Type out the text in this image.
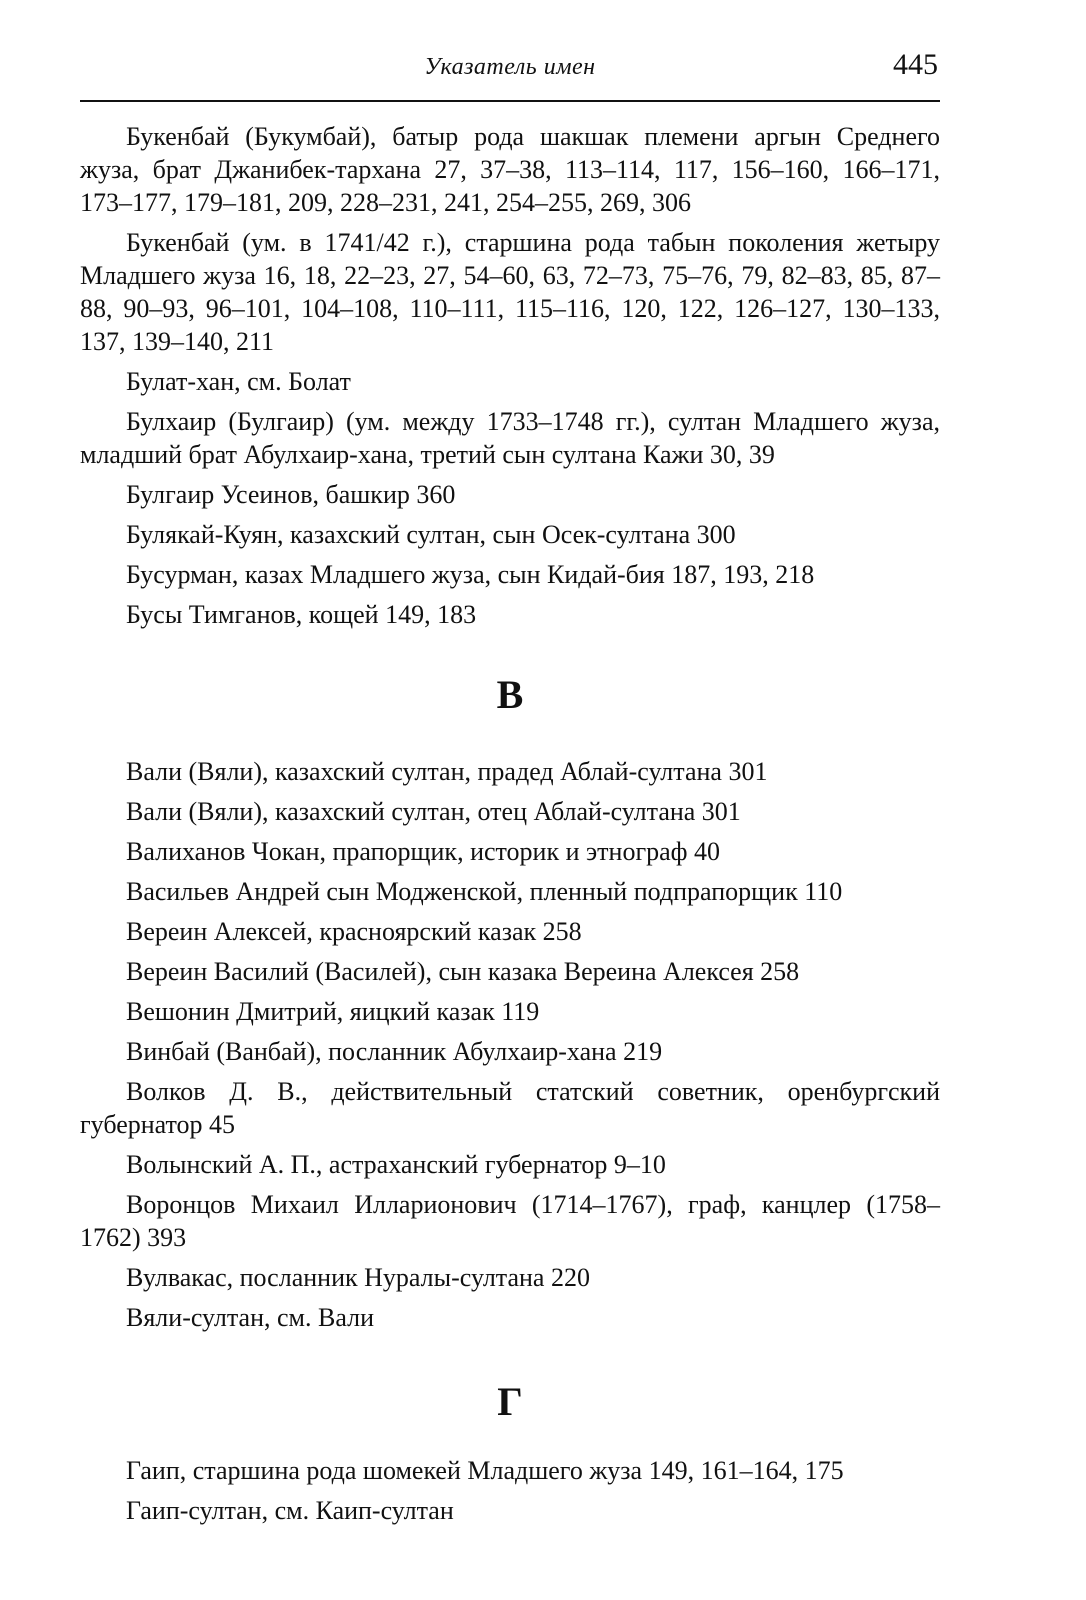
Указатель имен	445

Букенбай (Букумбай), батыр рода шакшак племени аргын Среднего жуза, брат Джанибек-тархана 27, 37–38, 113–114, 117, 156–160, 166–171, 173–177, 179–181, 209, 228–231, 241, 254–255, 269, 306

Букенбай (ум. в 1741/42 г.), старшина рода табын поколения жетыру Младшего жуза 16, 18, 22–23, 27, 54–60, 63, 72–73, 75–76, 79, 82–83, 85, 87–88, 90–93, 96–101, 104–108, 110–111, 115–116, 120, 122, 126–127, 130–133, 137, 139–140, 211

Булат-хан, см. Болат

Булхаир (Булгаир) (ум. между 1733–1748 гг.), султан Младшего жуза, младший брат Абулхаир-хана, третий сын султана Кажи 30, 39

Булгаир Усеинов, башкир 360

Булякай-Куян, казахский султан, сын Осек-султана 300

Бусурман, казах Младшего жуза, сын Кидай-бия 187, 193, 218

Бусы Тимганов, кощей 149, 183

В

Вали (Вяли), казахский султан, прадед Аблай-султана 301

Вали (Вяли), казахский султан, отец Аблай-султана 301

Валиханов Чокан, прапорщик, историк и этнограф 40

Васильев Андрей сын Модженской, пленный подпрапорщик 110

Вереин Алексей, красноярский казак 258

Вереин Василий (Василей), сын казака Вереина Алексея 258

Вешонин Дмитрий, яицкий казак 119

Винбай (Ванбай), посланник Абулхаир-хана 219

Волков Д. В., действительный статский советник, оренбургский губернатор 45

Волынский А. П., астраханский губернатор 9–10

Воронцов Михаил Илларионович (1714–1767), граф, канцлер (1758–1762) 393

Вулвакас, посланник Нуралы-султана 220

Вяли-султан, см. Вали

Г

Гаип, старшина рода шомекей Младшего жуза 149, 161–164, 175

Гаип-султан, см. Каип-султан
